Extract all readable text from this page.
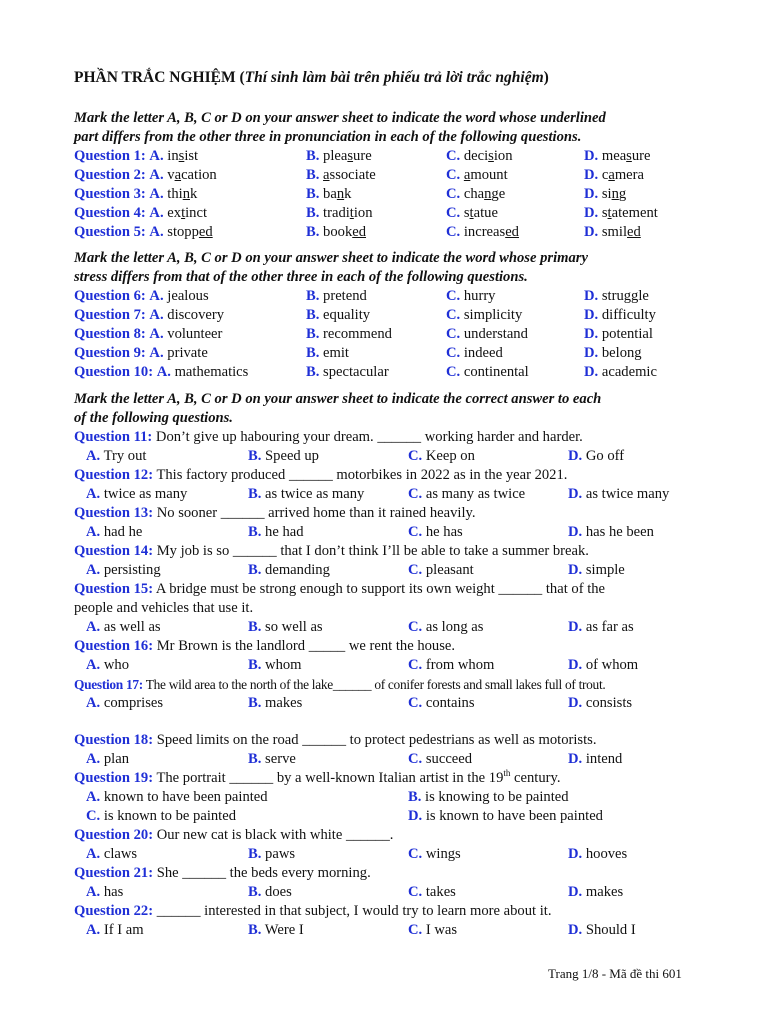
PHẦN TRẮC NGHIỆM (Thí sinh làm bài trên phiếu trả lời trắc nghiệm)
Mark the letter A, B, C or D on your answer sheet to indicate the word whose underlined
part differs from the other three in pronunciation in each of the following questions.
Question 1: A. insist	B. pleasure	C. decision	D. measure
Question 2: A. vacation	B. associate	C. amount	D. camera
Question 3: A. think	B. bank	C. change	D. sing
Question 4: A. extinct	B. tradition	C. statue	D. statement
Question 5: A. stopped	B. booked	C. increased	D. smiled
Mark the letter A, B, C or D on your answer sheet to indicate the word whose primary
stress differs from that of the other three in each of the following questions.
Question 6: A. jealous	B. pretend	C. hurry	D. struggle
Question 7: A. discovery	B. equality	C. simplicity	D. difficulty
Question 8: A. volunteer	B. recommend	C. understand	D. potential
Question 9: A. private	B. emit	C. indeed	D. belong
Question 10: A. mathematics	B. spectacular	C. continental	D. academic
Mark the letter A, B, C or D on your answer sheet to indicate the correct answer to each
of the following questions.
Question 11: Don’t give up habouring your dream. ______ working harder and harder.
A. Try out	B. Speed up	C. Keep on	D. Go off
Question 12: This factory produced ______ motorbikes in 2022 as in the year 2021.
A. twice as many	B. as twice as many	C. as many as twice	D. as twice many
Question 13: No sooner ______ arrived home than it rained heavily.
A. had he	B. he had	C. he has	D. has he been
Question 14: My job is so ______ that I don’t think I’ll be able to take a summer break.
A. persisting	B. demanding	C. pleasant	D. simple
Question 15: A bridge must be strong enough to support its own weight ______ that of the
people and vehicles that use it.
A. as well as	B. so well as	C. as long as	D. as far as
Question 16: Mr Brown is the landlord _____ we rent the house.
A. who	B. whom	C. from whom	D. of whom
Question 17: The wild area to the north of the lake______ of conifer forests and small lakes full of trout.
A. comprises	B. makes	C. contains	D. consists
Question 18: Speed limits on the road ______ to protect pedestrians as well as motorists.
A. plan	B. serve	C. succeed	D. intend
Question 19: The portrait ______ by a well-known Italian artist in the 19th century.
A. known to have been painted	B. is knowing to be painted
C. is known to be painted	D. is known to have been painted
Question 20: Our new cat is black with white ______.
A. claws	B. paws	C. wings	D. hooves
Question 21: She ______ the beds every morning.
A. has	B. does	C. takes	D. makes
Question 22: ______ interested in that subject, I would try to learn more about it.
A. If I am	B. Were I	C. I was	D. Should I
Trang 1/8 - Mã đề thi 601
